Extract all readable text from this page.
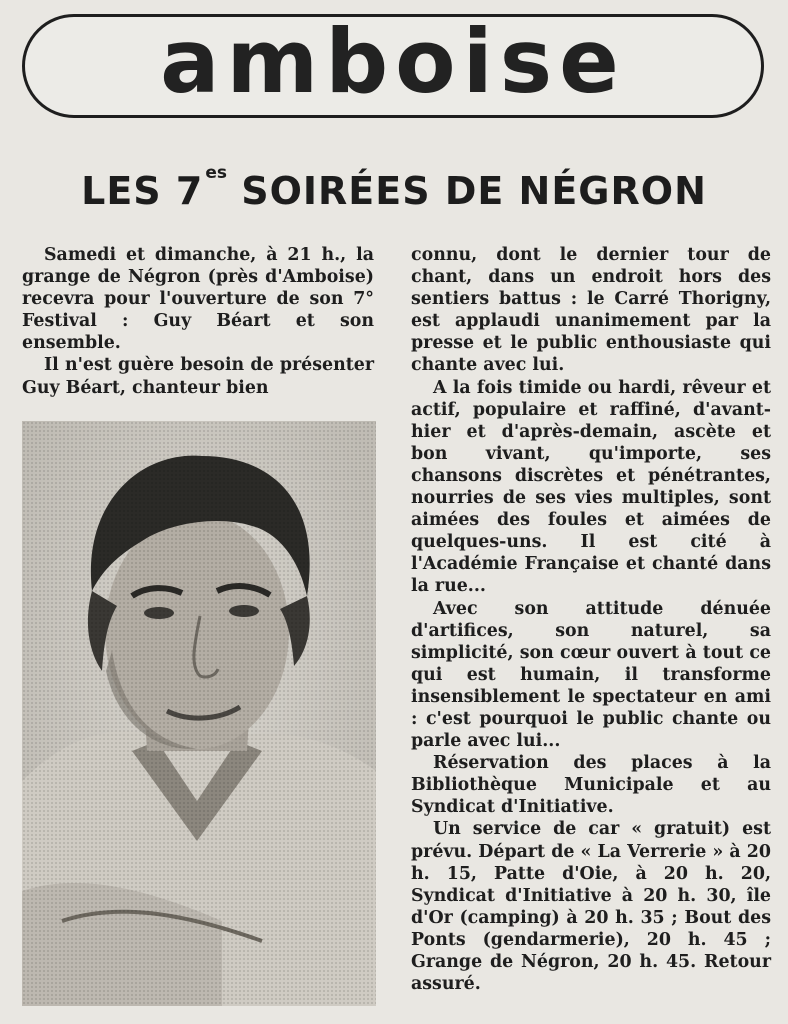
amboise
LES 7 $^{es}$ SOIRÉES DE NÉGRON

Samedi et dimanche, à 21 h., la grange de Négron (près d'Amboise) recevra pour l'ouverture de son 7° Festival : Guy Béart et son ensemble.

Il n'est guère besoin de présenter Guy Béart, chanteur bien

connu, dont le dernier tour de chant, dans un endroit hors des sentiers battus : le Carré Thorigny, est applaudi unanimement par la presse et le public enthousiaste qui chante avec lui.

A la fois timide ou hardi, rêveur et actif, populaire et raffiné, d'avant-hier et d'après-demain, ascète et bon vivant, qu'importe, ses chansons discrètes et pénétrantes, nourries de ses vies multiples, sont aimées des foules et aimées de quelques-uns. Il est cité à l'Académie Française et chanté dans la rue...

Avec son attitude dénuée d'artifices, son naturel, sa simplicité, son cœur ouvert à tout ce qui est humain, il transforme insensiblement le spectateur en ami : c'est pourquoi le public chante ou parle avec lui...

Réservation des places à la Bibliothèque Municipale et au Syndicat d'Initiative.

Un service de car « gratuit) est prévu. Départ de « La Verrerie » à 20 h. 15, Patte d'Oie, à 20 h. 20, Syndicat d'Initiative à 20 h. 30, île d'Or (camping) à 20 h. 35 ; Bout des Ponts (gendarmerie), 20 h. 45 ; Grange de Négron, 20 h. 45. Retour assuré.
